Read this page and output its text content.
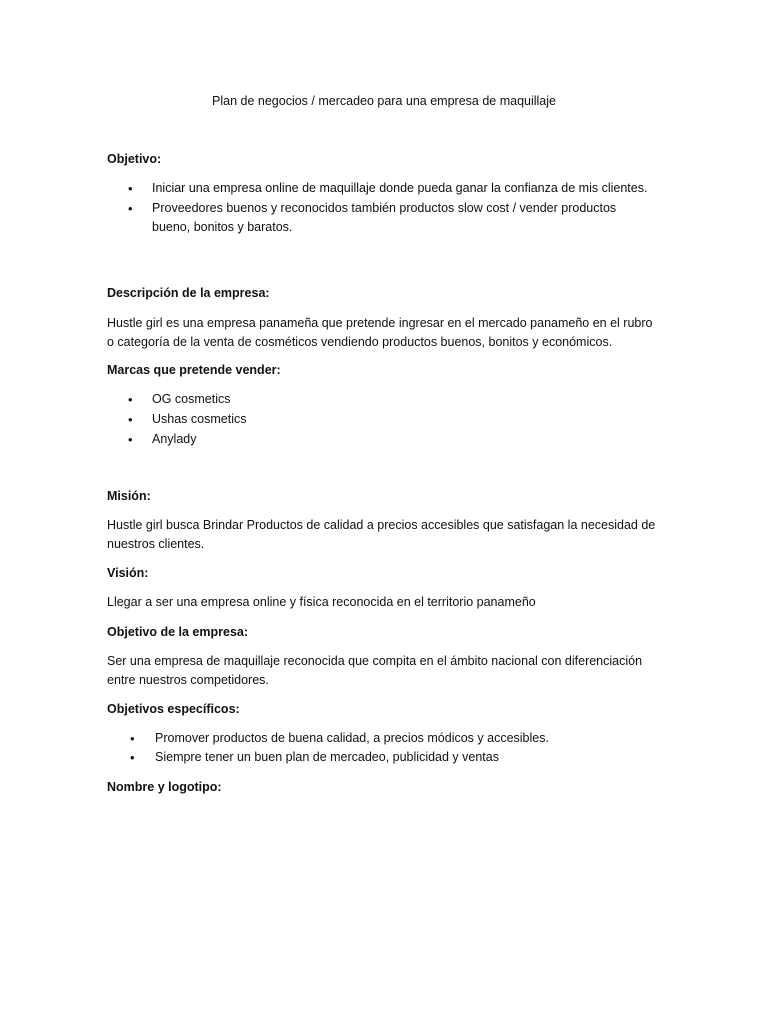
Plan de negocios / mercadeo para una empresa de maquillaje

Objetivo:

• Iniciar una empresa online de maquillaje donde pueda ganar la confianza de mis clientes.
• Proveedores buenos y reconocidos también productos slow cost / vender productos

bueno, bonitos y baratos.

Descripción de la empresa:

Hustle girl es una empresa panameña que pretende ingresar en el mercado panameño en el rubro

o categoría de la venta de cosméticos vendiendo productos buenos, bonitos y económicos.

Marcas que pretende vender:

• OG cosmetics
• Ushas cosmetics
• Anylady

Misión:

Hustle girl busca Brindar Productos de calidad a precios accesibles que satisfagan la necesidad de

nuestros clientes.

Visión:

Llegar a ser una empresa online y física reconocida en el territorio panameño

Objetivo de la empresa:

Ser una empresa de maquillaje reconocida que compita en el ámbito nacional con diferenciación

entre nuestros competidores.

Objetivos específicos:

• Promover productos de buena calidad, a precios módicos y accesibles.
• Siempre tener un buen plan de mercadeo, publicidad y ventas

Nombre y logotipo:
